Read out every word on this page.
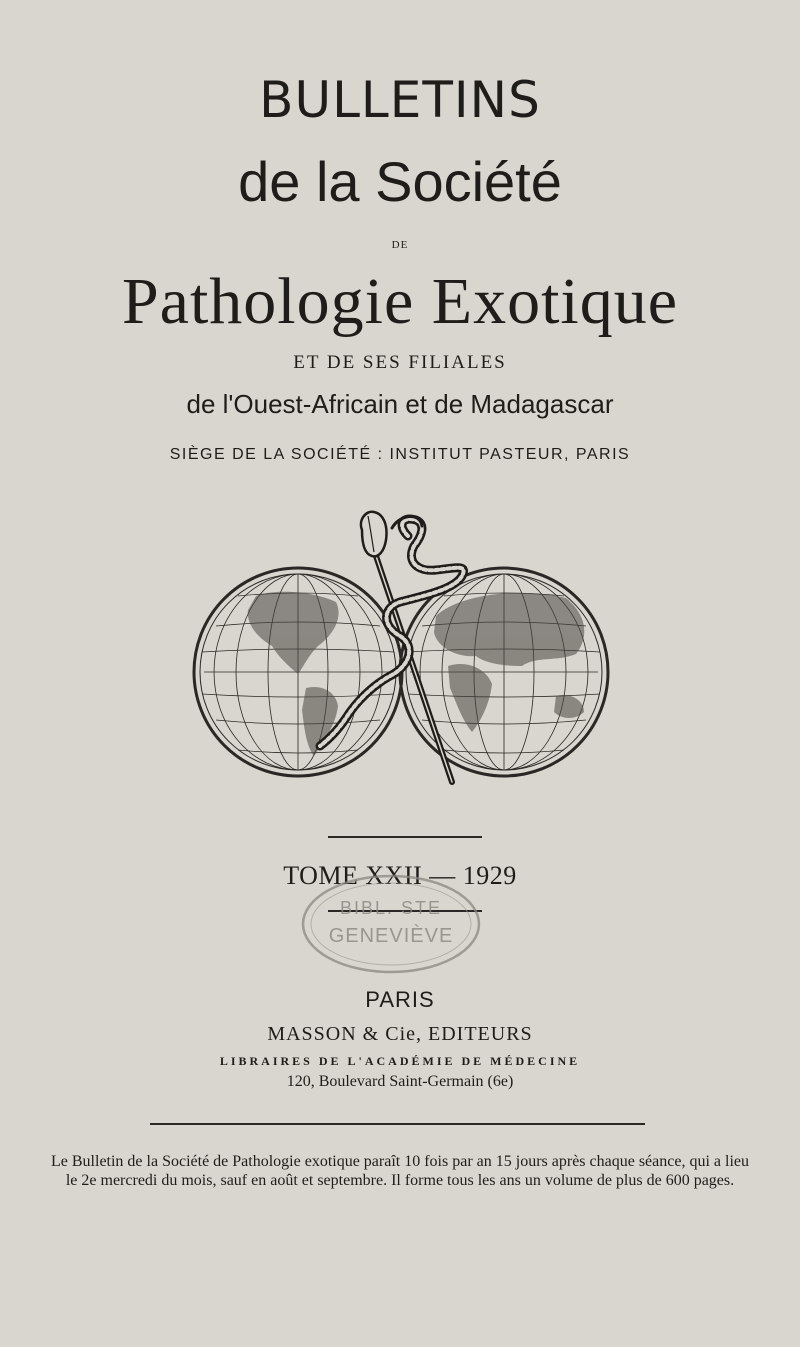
BULLETINS
de la Société
DE
Pathologie Exotique
ET DE SES FILIALES
de l'Ouest-Africain et de Madagascar
SIÈGE DE LA SOCIÉTÉ : INSTITUT PASTEUR, PARIS
TOME XXII — 1929
BIBL. STE
GENEVIÈVE
PARIS
MASSON & Cie, EDITEURS
LIBRAIRES DE L'ACADÉMIE DE MÉDECINE
120, Boulevard Saint-Germain (6e)
Le Bulletin de la Société de Pathologie exotique paraît 10 fois par an 15 jours après chaque séance, qui a lieu le 2e mercredi du mois, sauf en août et septembre. Il forme tous les ans un volume de plus de 600 pages.
